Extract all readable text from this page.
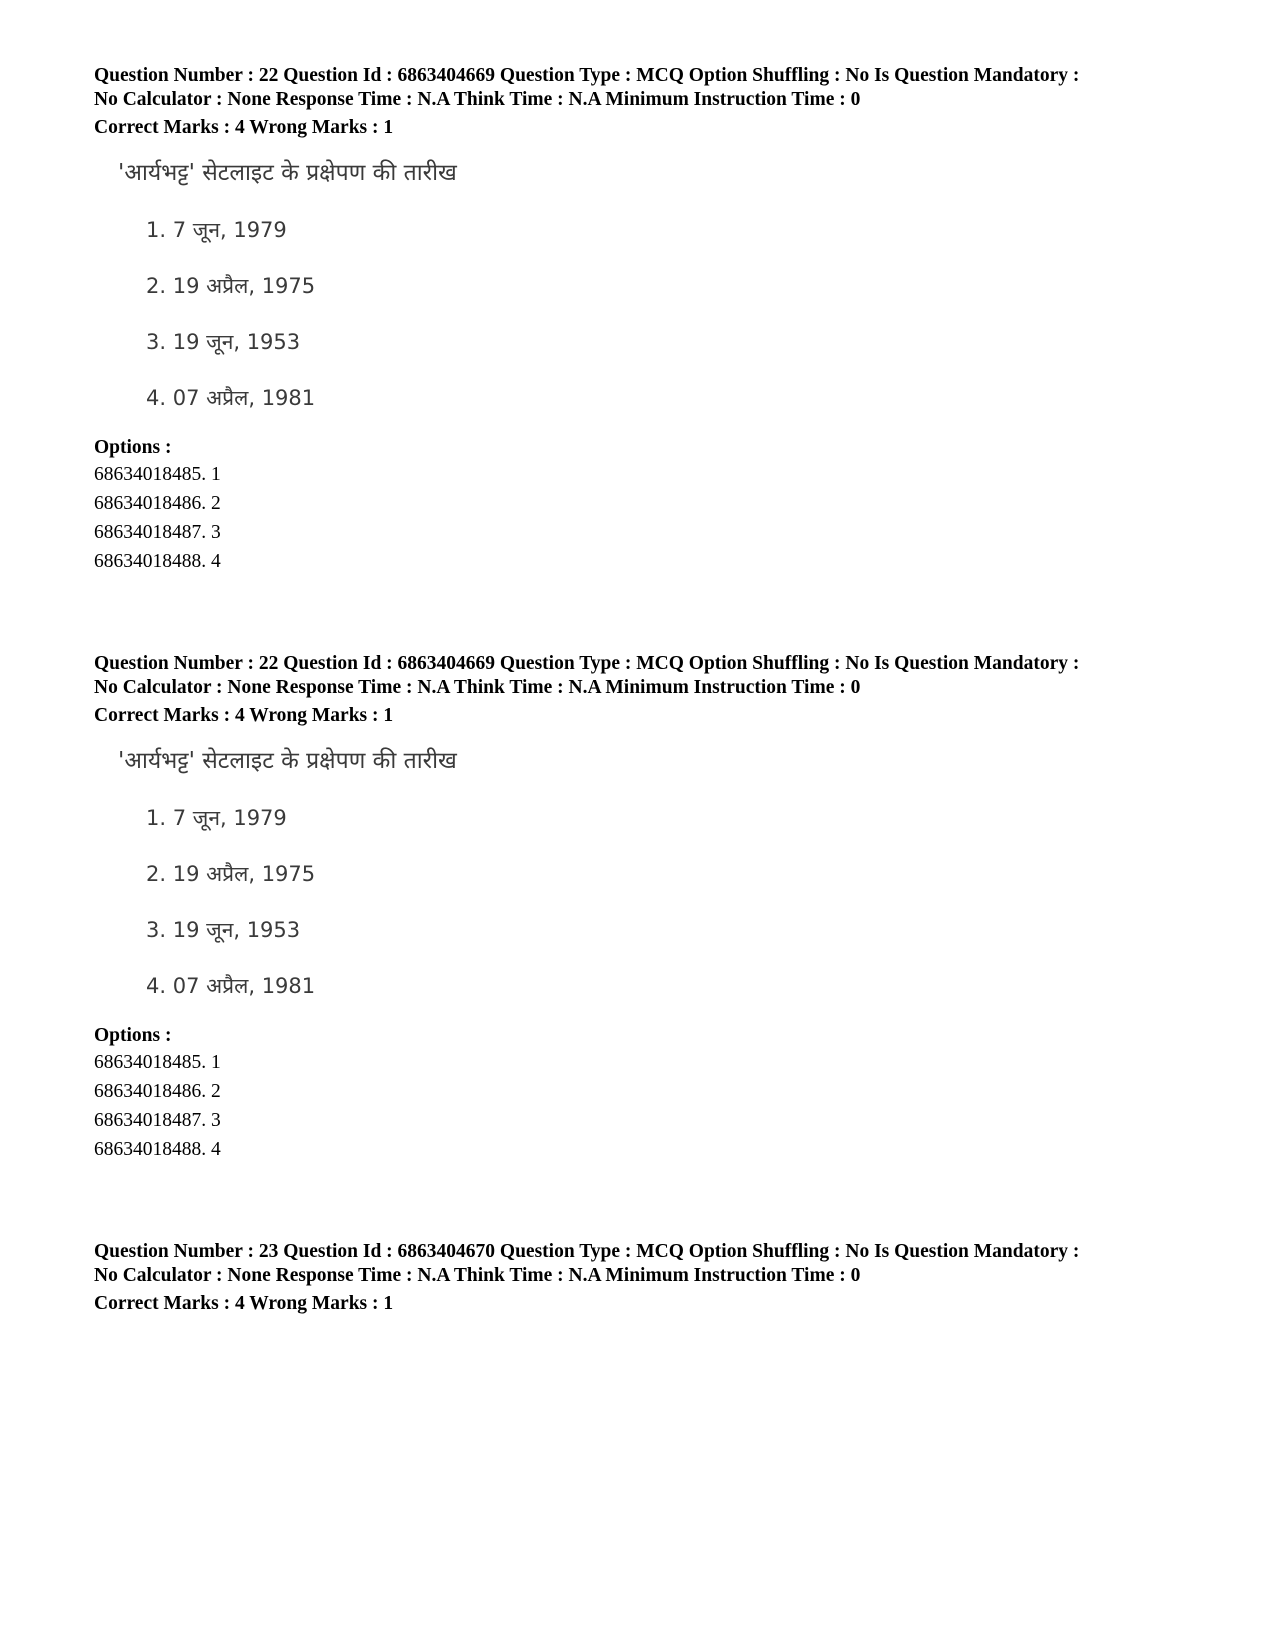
Question Number : 22 Question Id : 6863404669 Question Type : MCQ Option Shuffling : No Is Question Mandatory :

No Calculator : None Response Time : N.A Think Time : N.A Minimum Instruction Time : 0

Correct Marks : 4 Wrong Marks : 1

'आर्यभट्ट' सेटलाइट के प्रक्षेपण की तारीख
1. 7 जून, 1979
2. 19 अप्रैल, 1975
3. 19 जून, 1953
4. 07 अप्रैल, 1981
Options :
68634018485. 1
68634018486. 2
68634018487. 3
68634018488. 4

Question Number : 22 Question Id : 6863404669 Question Type : MCQ Option Shuffling : No Is Question Mandatory :

No Calculator : None Response Time : N.A Think Time : N.A Minimum Instruction Time : 0

Correct Marks : 4 Wrong Marks : 1

'आर्यभट्ट' सेटलाइट के प्रक्षेपण की तारीख
1. 7 जून, 1979
2. 19 अप्रैल, 1975
3. 19 जून, 1953
4. 07 अप्रैल, 1981
Options :
68634018485. 1
68634018486. 2
68634018487. 3
68634018488. 4

Question Number : 23 Question Id : 6863404670 Question Type : MCQ Option Shuffling : No Is Question Mandatory :

No Calculator : None Response Time : N.A Think Time : N.A Minimum Instruction Time : 0

Correct Marks : 4 Wrong Marks : 1
